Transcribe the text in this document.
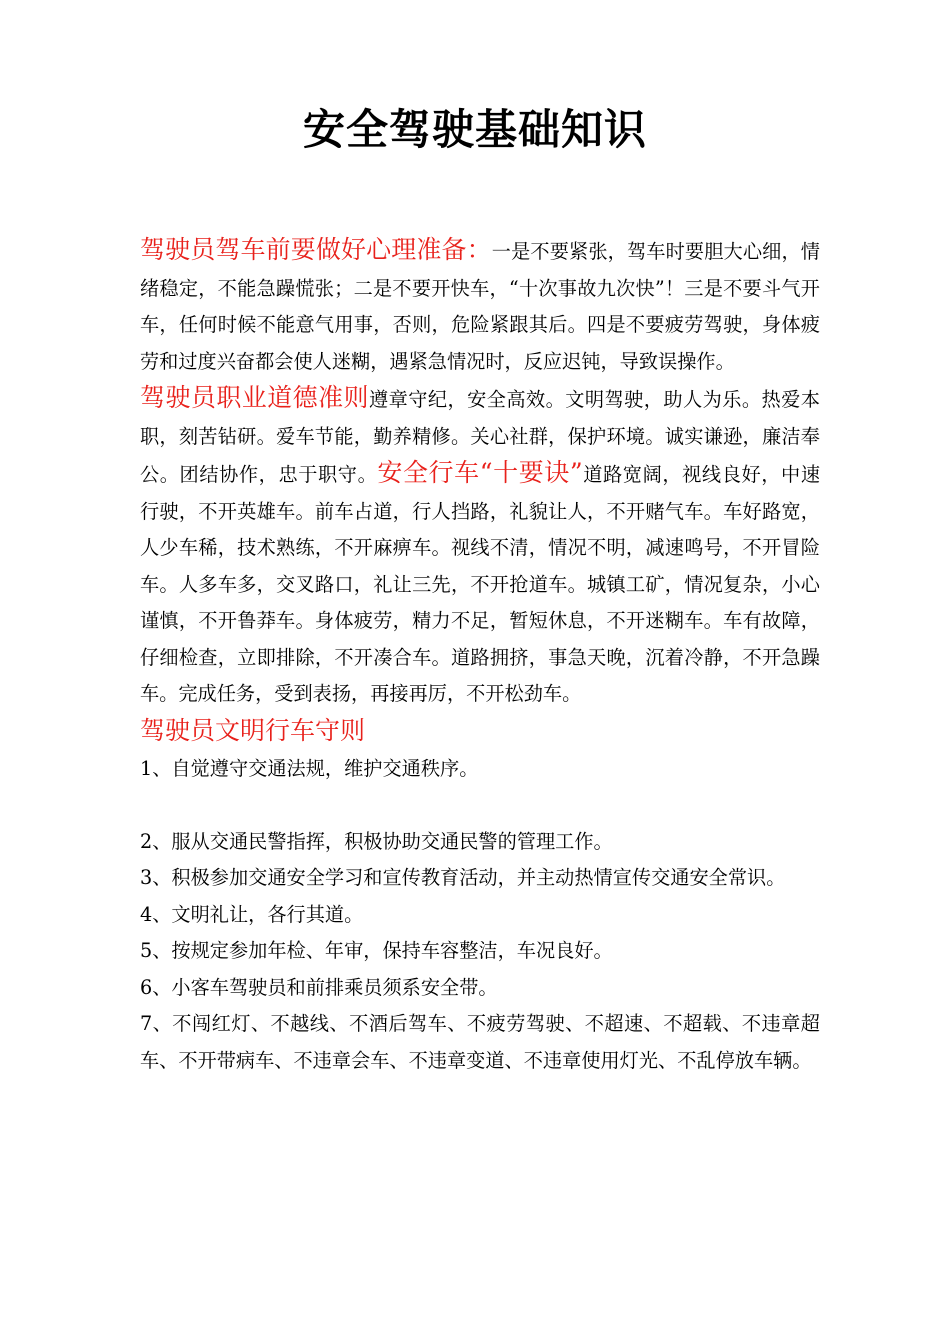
安全驾驶基础知识

驾驶员驾车前要做好心理准备：一是不要紧张，驾车时要胆大心细，情绪稳定，不能急躁慌张；二是不要开快车，“十次事故九次快”！三是不要斗气开车，任何时候不能意气用事，否则，危险紧跟其后。四是不要疲劳驾驶，身体疲劳和过度兴奋都会使人迷糊，遇紧急情况时，反应迟钝，导致误操作。

驾驶员职业道德准则遵章守纪，安全高效。文明驾驶，助人为乐。热爱本职，刻苦钻研。爱车节能，勤养精修。关心社群，保护环境。诚实谦逊，廉洁奉公。团结协作，忠于职守。安全行车“十要诀”道路宽阔，视线良好，中速行驶，不开英雄车。前车占道，行人挡路，礼貌让人，不开赌气车。车好路宽，人少车稀，技术熟练，不开麻痹车。视线不清，情况不明，减速鸣号，不开冒险车。人多车多，交叉路口，礼让三先，不开抢道车。城镇工矿，情况复杂，小心谨慎，不开鲁莽车。身体疲劳，精力不足，暂短休息，不开迷糊车。车有故障，仔细检查，立即排除，不开凑合车。道路拥挤，事急天晚，沉着冷静，不开急躁车。完成任务，受到表扬，再接再厉，不开松劲车。

驾驶员文明行车守则

1、自觉遵守交通法规，维护交通秩序。

2、服从交通民警指挥，积极协助交通民警的管理工作。

3、积极参加交通安全学习和宣传教育活动，并主动热情宣传交通安全常识。

4、文明礼让，各行其道。

5、按规定参加年检、年审，保持车容整洁，车况良好。

6、小客车驾驶员和前排乘员须系安全带。

7、不闯红灯、不越线、不酒后驾车、不疲劳驾驶、不超速、不超载、不违章超车、不开带病车、不违章会车、不违章变道、不违章使用灯光、不乱停放车辆。
